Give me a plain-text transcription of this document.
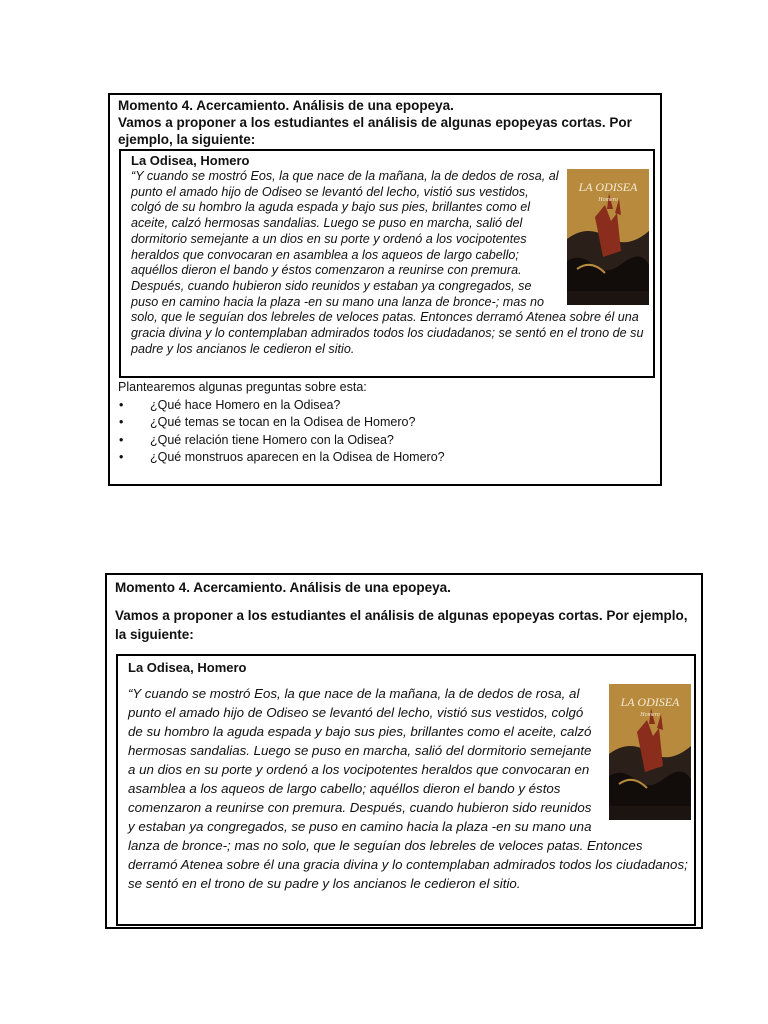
Momento 4. Acercamiento. Análisis de una epopeya.

Vamos a proponer a los estudiantes el análisis de algunas epopeyas cortas. Por ejemplo, la siguiente:

La Odisea, Homero

LA ODISEA
Homero
“Y cuando se mostró Eos, la que nace de la mañana, la de dedos de rosa, al punto el amado hijo de Odiseo se levantó del lecho, vistió sus vestidos, colgó de su hombro la aguda espada y bajo sus pies, brillantes como el aceite, calzó hermosas sandalias. Luego se puso en marcha, salió del dormitorio semejante a un dios en su porte y ordenó a los vocipotentes heraldos que convocaran en asamblea a los aqueos de largo cabello; aquéllos dieron el bando y éstos comenzaron a reunirse con premura. Después, cuando hubieron sido reunidos y estaban ya congregados, se puso en camino hacia la plaza -en su mano una lanza de bronce-; mas no solo, que le seguían dos lebreles de veloces patas. Entonces derramó Atenea sobre él una gracia divina y lo contemplaban admirados todos los ciudadanos; se sentó en el trono de su padre y los ancianos le cedieron el sitio.

Plantearemos algunas preguntas sobre esta:
• ¿Qué hace Homero en la Odisea?
• ¿Qué temas se tocan en la Odisea de Homero?
• ¿Qué relación tiene Homero con la Odisea?
• ¿Qué monstruos aparecen en la Odisea de Homero?

Momento 4. Acercamiento. Análisis de una epopeya.

Vamos a proponer a los estudiantes el análisis de algunas epopeyas cortas. Por ejemplo, la siguiente:

La Odisea, Homero

LA ODISEA
Homero
“Y cuando se mostró Eos, la que nace de la mañana, la de dedos de rosa, al punto el amado hijo de Odiseo se levantó del lecho, vistió sus vestidos, colgó de su hombro la aguda espada y bajo sus pies, brillantes como el aceite, calzó hermosas sandalias. Luego se puso en marcha, salió del dormitorio semejante a un dios en su porte y ordenó a los vocipotentes heraldos que convocaran en asamblea a los aqueos de largo cabello; aquéllos dieron el bando y éstos comenzaron a reunirse con premura. Después, cuando hubieron sido reunidos y estaban ya congregados, se puso en camino hacia la plaza -en su mano una lanza de bronce-; mas no solo, que le seguían dos lebreles de veloces patas. Entonces derramó Atenea sobre él una gracia divina y lo contemplaban admirados todos los ciudadanos; se sentó en el trono de su padre y los ancianos le cedieron el sitio.
